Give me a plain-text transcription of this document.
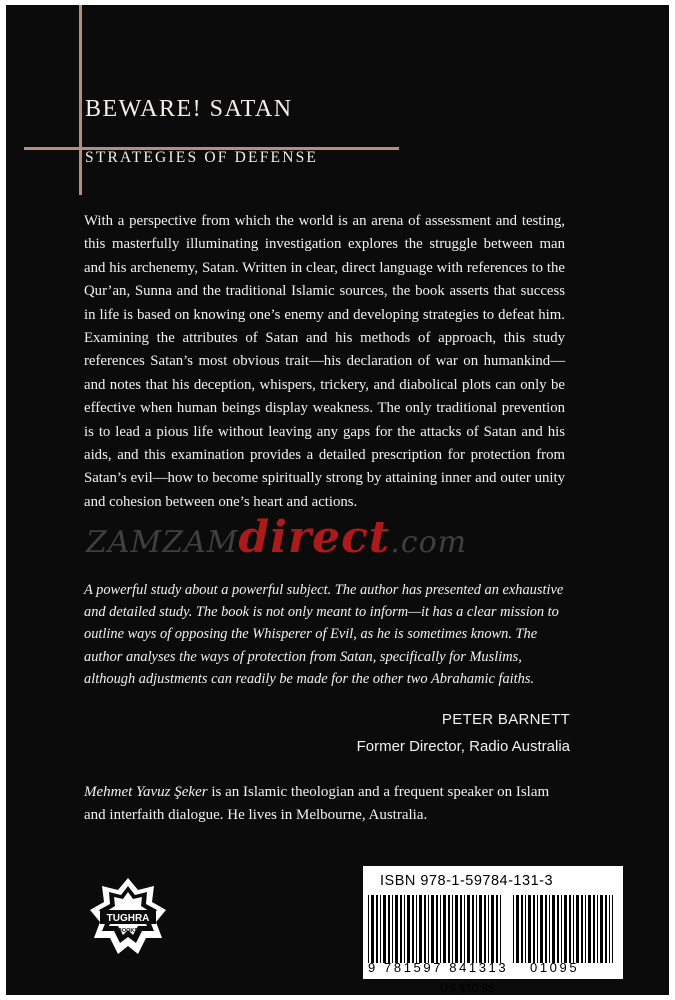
BEWARE! SATAN
STRATEGIES OF DEFENSE

With a perspective from which the world is an arena of assessment and testing, this masterfully illuminating investigation explores the struggle between man and his archenemy, Satan. Written in clear, direct language with references to the Qur’an, Sunna and the traditional Islamic sources, the book asserts that success in life is based on knowing one’s enemy and developing strategies to defeat him. Examining the attributes of Satan and his methods of approach, this study references Satan’s most obvious trait—his declaration of war on humankind—and notes that his deception, whispers, trickery, and diabolical plots can only be effective when human beings display weakness. The only traditional prevention is to lead a pious life without leaving any gaps for the attacks of Satan and his aids, and this examination provides a detailed prescription for protection from Satan’s evil—how to become spiritually strong by attaining inner and outer unity and cohesion between one’s heart and actions.

ZAMZAMdirect.com

A powerful study about a powerful subject. The author has presented an exhaustive and detailed study. The book is not only meant to inform—it has a clear mission to outline ways of opposing the Whisperer of Evil, as he is sometimes known. The author analyses the ways of protection from Satan, specifically for Muslims, although adjustments can readily be made for the other two Abrahamic faiths.

PETER BARNETT
Former Director, Radio Australia

Mehmet Yavuz Şeker is an Islamic theologian and a frequent speaker on Islam and interfaith dialogue. He lives in Melbourne, Australia.

TUGHRA
BOOKS
ISBN 978-1-59784-131-3
9 781597 841313 01095
US $10.95
